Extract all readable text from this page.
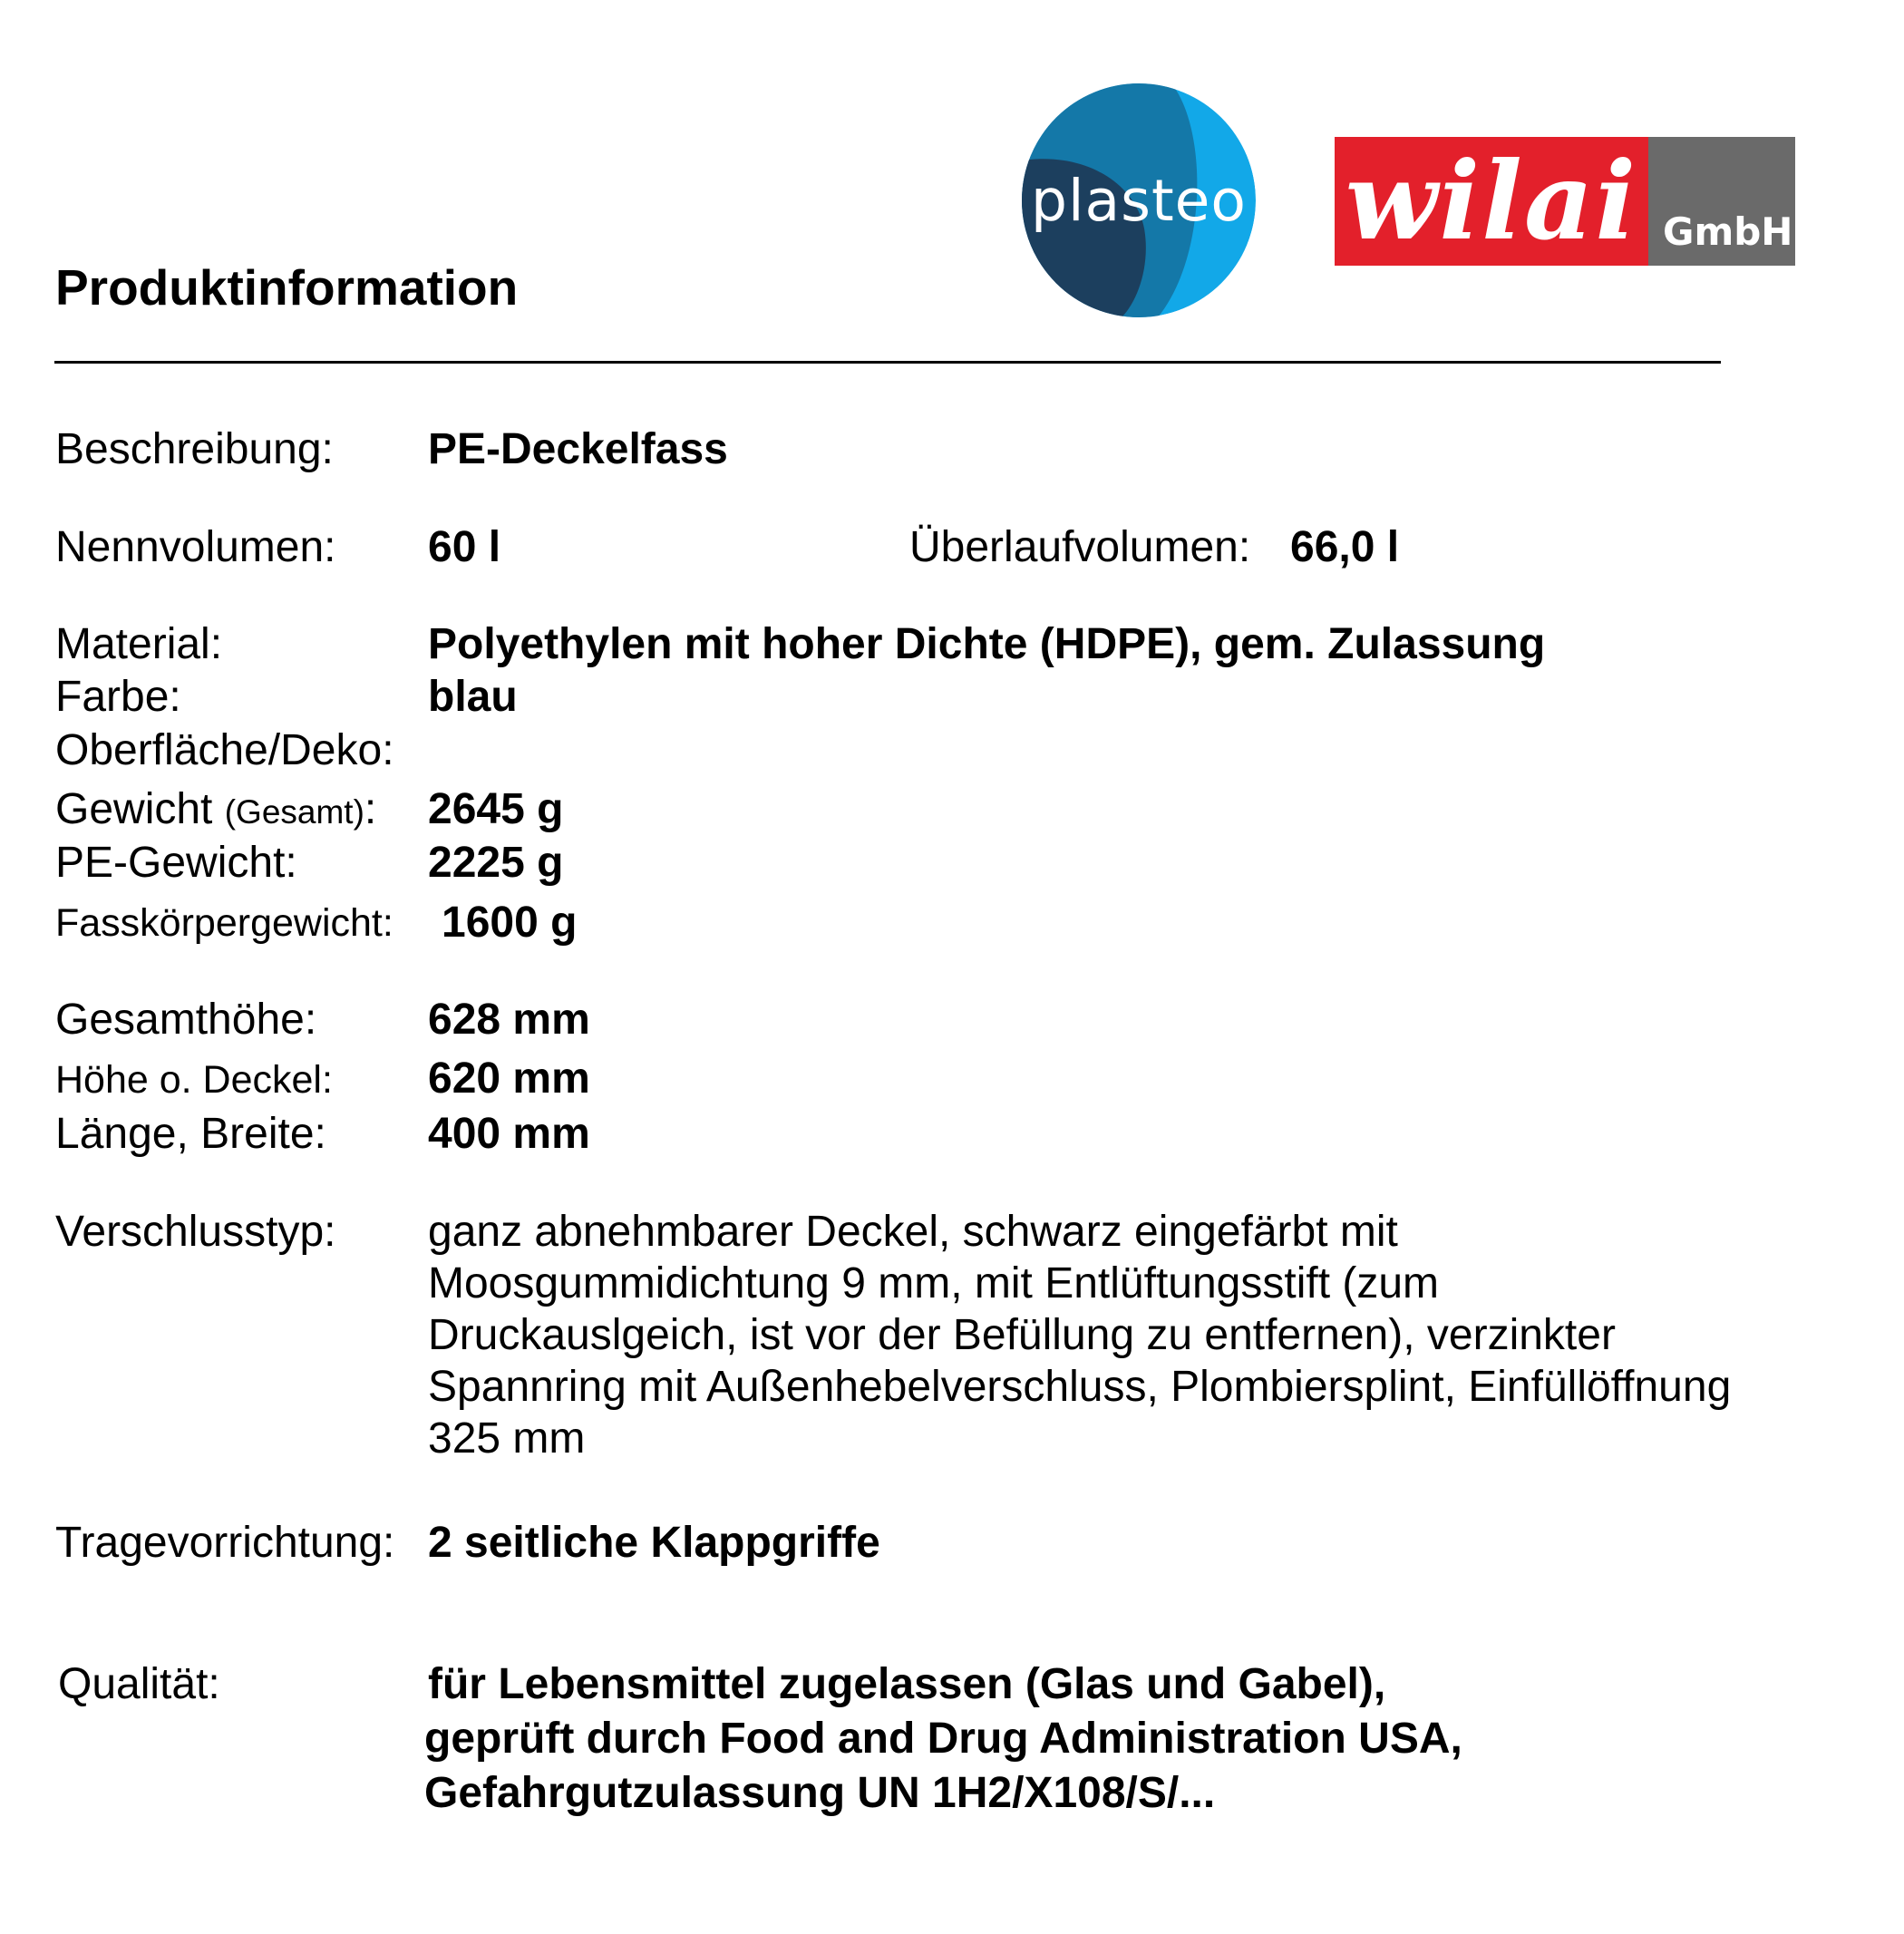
plasteo wilai GmbH
Produktinformation
Beschreibung: PE-Deckelfass
Nennvolumen: 60 l	Überlaufvolumen: 66,0 l
Material:	Polyethylen mit hoher Dichte (HDPE), gem. Zulassung
Farbe:	blau
Oberfläche/Deko:
Gewicht (Gesamt): 2645 g
PE-Gewicht:	2225 g
Fasskörpergewicht: 1600 g
Gesamthöhe:	628 mm
Höhe o. Deckel: 620 mm
Länge, Breite: 400 mm
Verschlusstyp: ganz abnehmbarer Deckel, schwarz eingefärbt mit
Moosgummidichtung 9 mm, mit Entlüftungsstift (zum
Druckauslgeich, ist vor der Befüllung zu entfernen), verzinkter
Spannring mit Außenhebelverschluss, Plombiersplint, Einfüllöffnung
325 mm
Tragevorrichtung: 2 seitliche Klappgriffe
Qualität:	für Lebensmittel zugelassen (Glas und Gabel),
geprüft durch Food and Drug Administration USA,
Gefahrgutzulassung UN 1H2/X108/S/...
